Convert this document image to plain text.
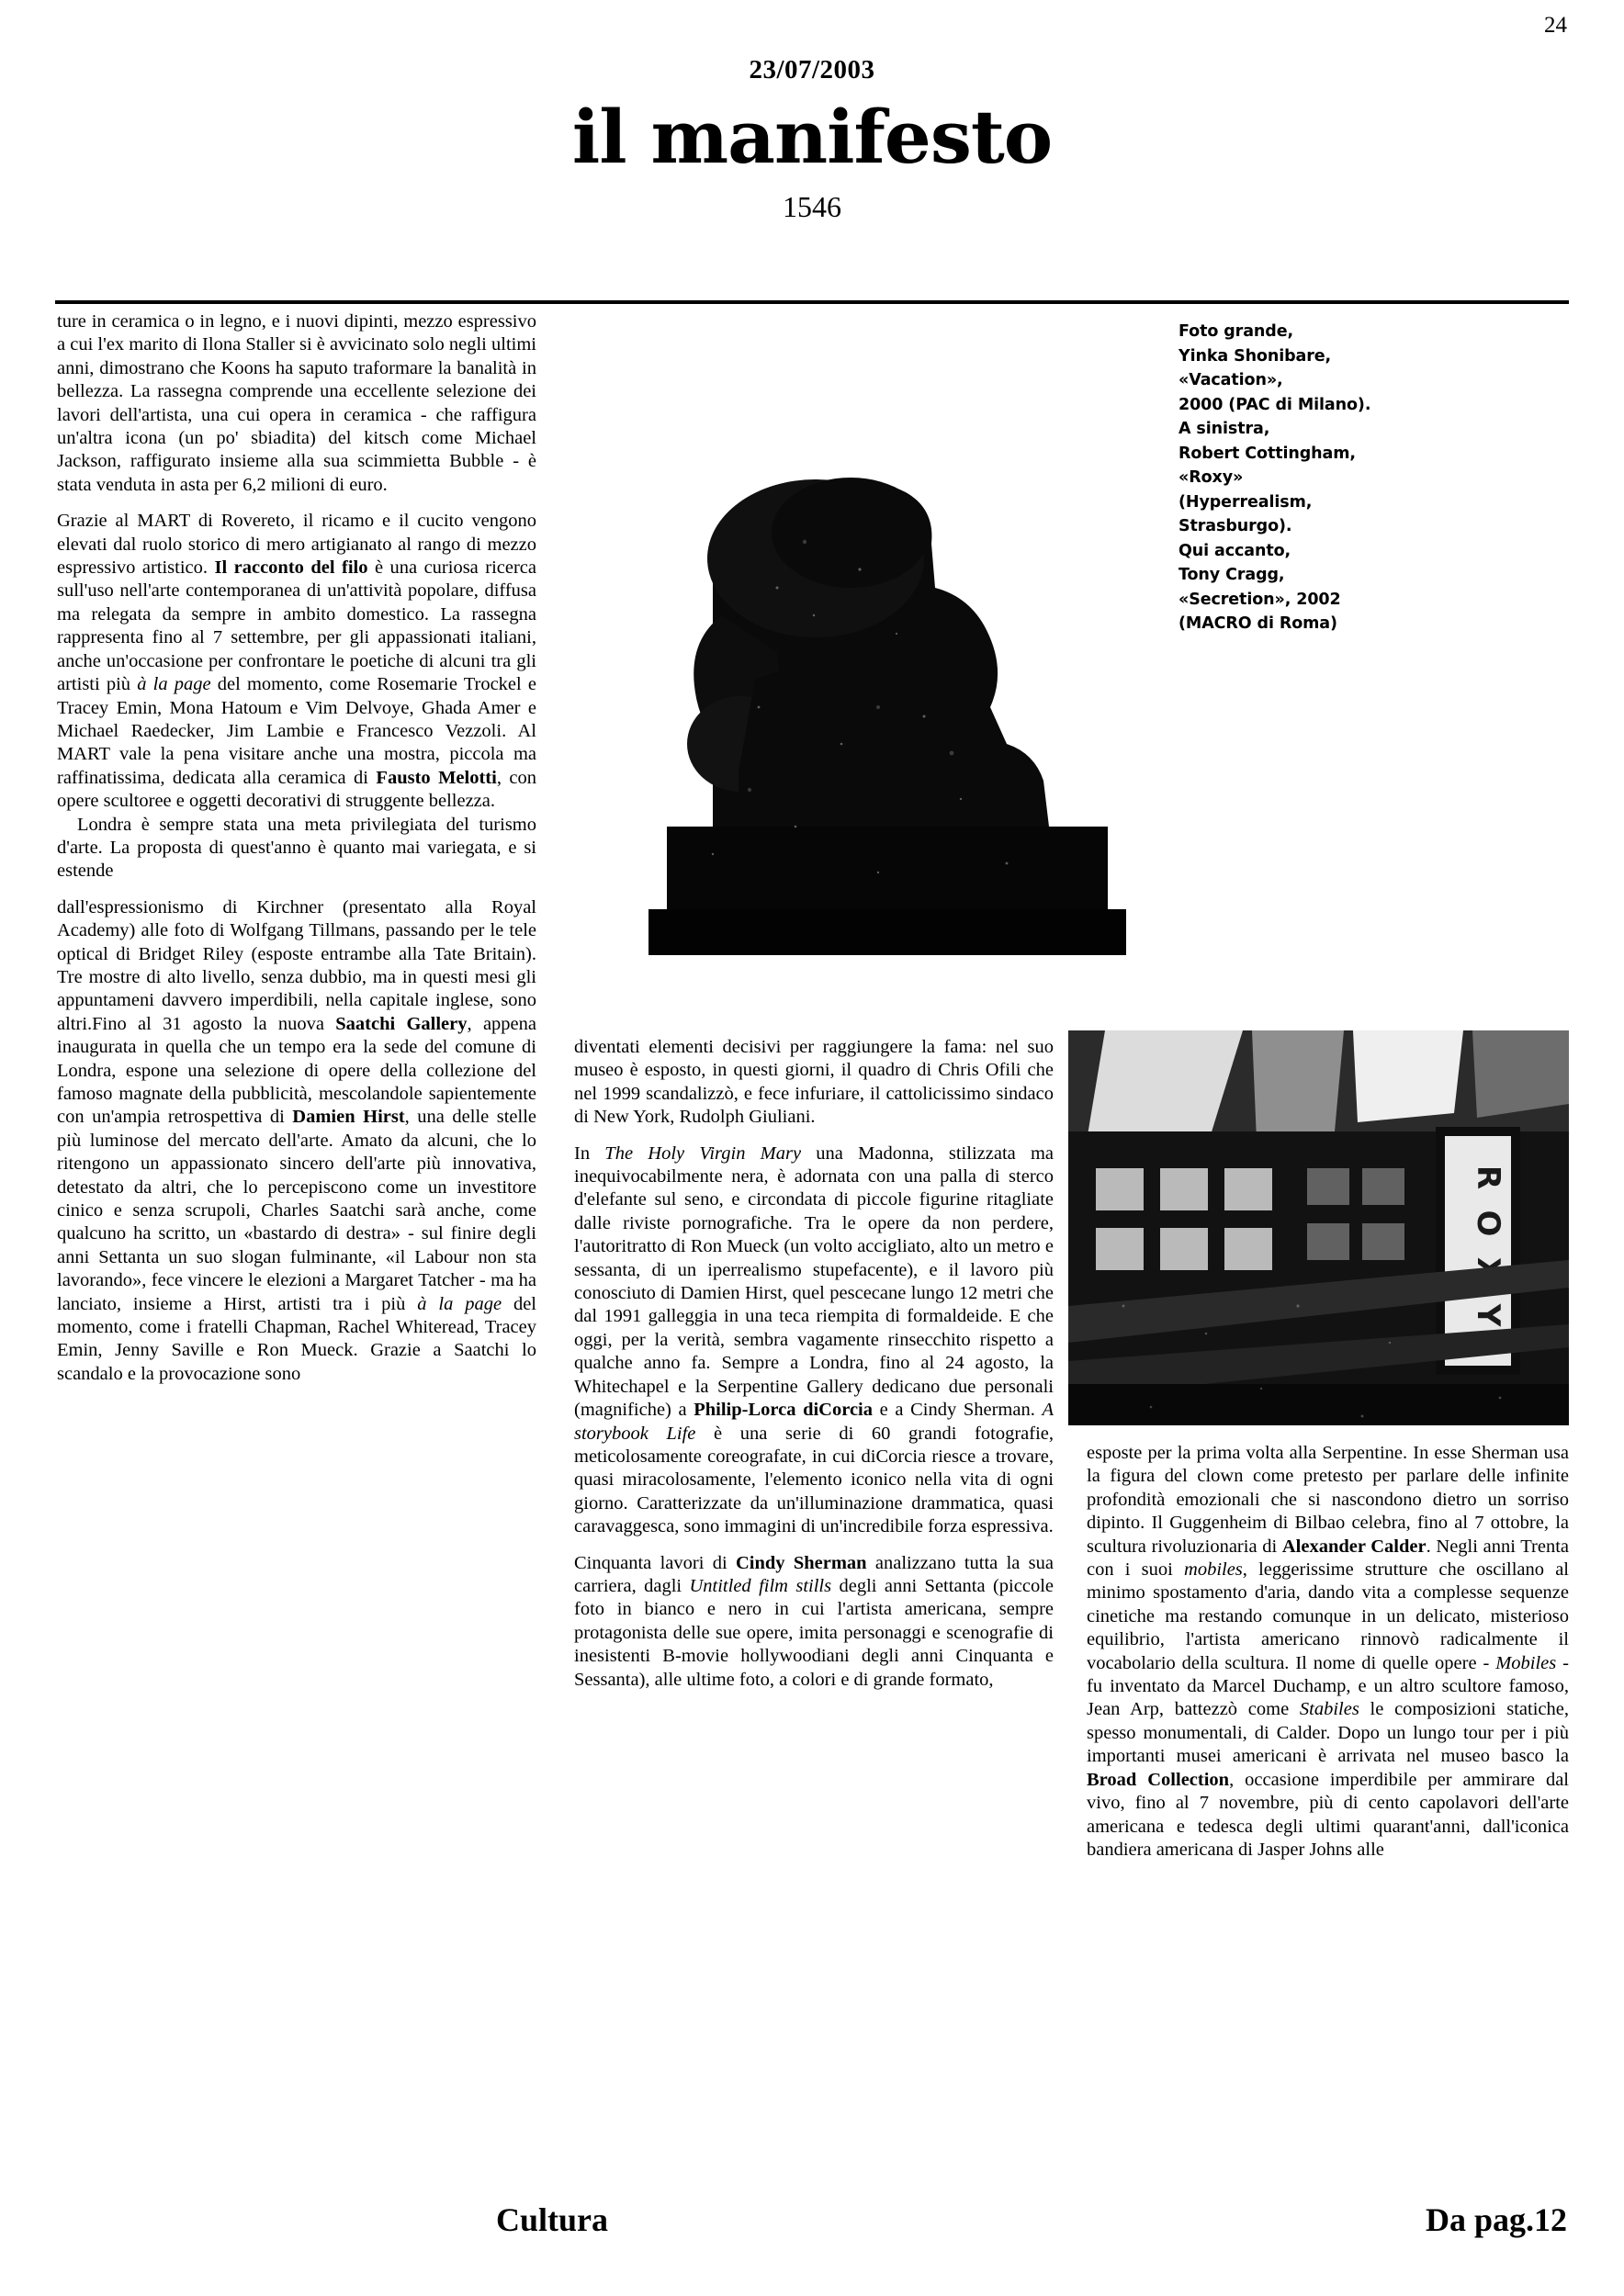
24
23/07/2003
il manifesto
1546
Foto grande,
Yinka Shonibare,
«Vacation»,
2000 (PAC di Milano).
A sinistra,
Robert Cottingham,
«Roxy»
(Hyperrealism,
Strasburgo).
Qui accanto,
Tony Cragg,
«Secretion», 2002
(MACRO di Roma)
R
O
Y

ture in ceramica o in legno, e i nuovi dipinti, mezzo espressivo a cui l'ex marito di Ilona Staller si è avvicinato solo negli ultimi anni, dimostrano che Koons ha saputo traformare la banalità in bellezza. La rassegna comprende una eccellente selezione dei lavori dell'artista, una cui opera in ceramica - che raffigura un'altra icona (un po' sbiadita) del kitsch come Michael Jackson, raffigurato insieme alla sua scimmietta Bubble - è stata venduta in asta per 6,2 milioni di euro.

Grazie al MART di Rovereto, il ricamo e il cucito vengono elevati dal ruolo storico di mero artigianato al rango di mezzo espressivo artistico. Il racconto del filo è una curiosa ricerca sull'uso nell'arte contemporanea di un'attività popolare, diffusa ma relegata da sempre in ambito domestico. La rassegna rappresenta fino al 7 settembre, per gli appassionati italiani, anche un'occasione per confrontare le poetiche di alcuni tra gli artisti più à la page del momento, come Rosemarie Trockel e Tracey Emin, Mona Hatoum e Vim Delvoye, Ghada Amer e Michael Raedecker, Jim Lambie e Francesco Vezzoli. Al MART vale la pena visitare anche una mostra, piccola ma raffinatissima, dedicata alla ceramica di Fausto Melotti, con opere scultoree e oggetti decorativi di struggente bellezza.

Londra è sempre stata una meta privilegiata del turismo d'arte. La proposta di quest'anno è quanto mai variegata, e si estende

dall'espressionismo di Kirchner (presentato alla Royal Academy) alle foto di Wolfgang Tillmans, passando per le tele optical di Bridget Riley (esposte entrambe alla Tate Britain). Tre mostre di alto livello, senza dubbio, ma in questi mesi gli appuntameni davvero imperdibili, nella capitale inglese, sono altri.Fino al 31 agosto la nuova Saatchi Gallery, appena inaugurata in quella che un tempo era la sede del comune di Londra, espone una selezione di opere della collezione del famoso magnate della pubblicità, mescolandole sapientemente con un'ampia retrospettiva di Damien Hirst, una delle stelle più luminose del mercato dell'arte. Amato da alcuni, che lo ritengono un appassionato sincero dell'arte più innovativa, detestato da altri, che lo percepiscono come un investitore cinico e senza scrupoli, Charles Saatchi sarà anche, come qualcuno ha scritto, un «bastardo di destra» - sul finire degli anni Settanta un suo slogan fulminante, «il Labour non sta lavorando», fece vincere le elezioni a Margaret Tatcher - ma ha lanciato, insieme a Hirst, artisti tra i più à la page del momento, come i fratelli Chapman, Rachel Whiteread, Tracey Emin, Jenny Saville e Ron Mueck. Grazie a Saatchi lo scandalo e la provocazione sono

diventati elementi decisivi per raggiungere la fama: nel suo museo è esposto, in questi giorni, il quadro di Chris Ofili che nel 1999 scandalizzò, e fece infuriare, il cattolicissimo sindaco di New York, Rudolph Giuliani.

In The Holy Virgin Mary una Madonna, stilizzata ma inequivocabilmente nera, è adornata con una palla di sterco d'elefante sul seno, e circondata di piccole figurine ritagliate dalle riviste pornografiche. Tra le opere da non perdere, l'autoritratto di Ron Mueck (un volto accigliato, alto un metro e sessanta, di un iperrealismo stupefacente), e il lavoro più conosciuto di Damien Hirst, quel pescecane lungo 12 metri che dal 1991 galleggia in una teca riempita di formaldeide. E che oggi, per la verità, sembra vagamente rinsecchito rispetto a qualche anno fa. Sempre a Londra, fino al 24 agosto, la Whitechapel e la Serpentine Gallery dedicano due personali (magnifiche) a Philip-Lorca diCorcia e a Cindy Sherman. A storybook Life è una serie di 60 grandi fotografie, meticolosamente coreografate, in cui diCorcia riesce a trovare, quasi miracolosamente, l'elemento iconico nella vita di ogni giorno. Caratterizzate da un'illuminazione drammatica, quasi caravaggesca, sono immagini di un'incredibile forza espressiva.

Cinquanta lavori di Cindy Sherman analizzano tutta la sua carriera, dagli Untitled film stills degli anni Settanta (piccole foto in bianco e nero in cui l'artista americana, sempre protagonista delle sue opere, imita personaggi e scenografie di inesistenti B-movie hollywoodiani degli anni Cinquanta e Sessanta), alle ultime foto, a colori e di grande formato,

esposte per la prima volta alla Serpentine. In esse Sherman usa la figura del clown come pretesto per parlare delle infinite profondità emozionali che si nascondono dietro un sorriso dipinto. Il Guggenheim di Bilbao celebra, fino al 7 ottobre, la scultura rivoluzionaria di Alexander Calder. Negli anni Trenta con i suoi mobiles, leggerissime strutture che oscillano al minimo spostamento d'aria, dando vita a complesse sequenze cinetiche ma restando comunque in un delicato, misterioso equilibrio, l'artista americano rinnovò radicalmente il vocabolario della scultura. Il nome di quelle opere - Mobiles - fu inventato da Marcel Duchamp, e un altro scultore famoso, Jean Arp, battezzò come Stabiles le composizioni statiche, spesso monumentali, di Calder. Dopo un lungo tour per i più importanti musei americani è arrivata nel museo basco la Broad Collection, occasione imperdibile per ammirare dal vivo, fino al 7 novembre, più di cento capolavori dell'arte americana e tedesca degli ultimi quarant'anni, dall'iconica bandiera americana di Jasper Johns alle

Cultura	Da pag.12
